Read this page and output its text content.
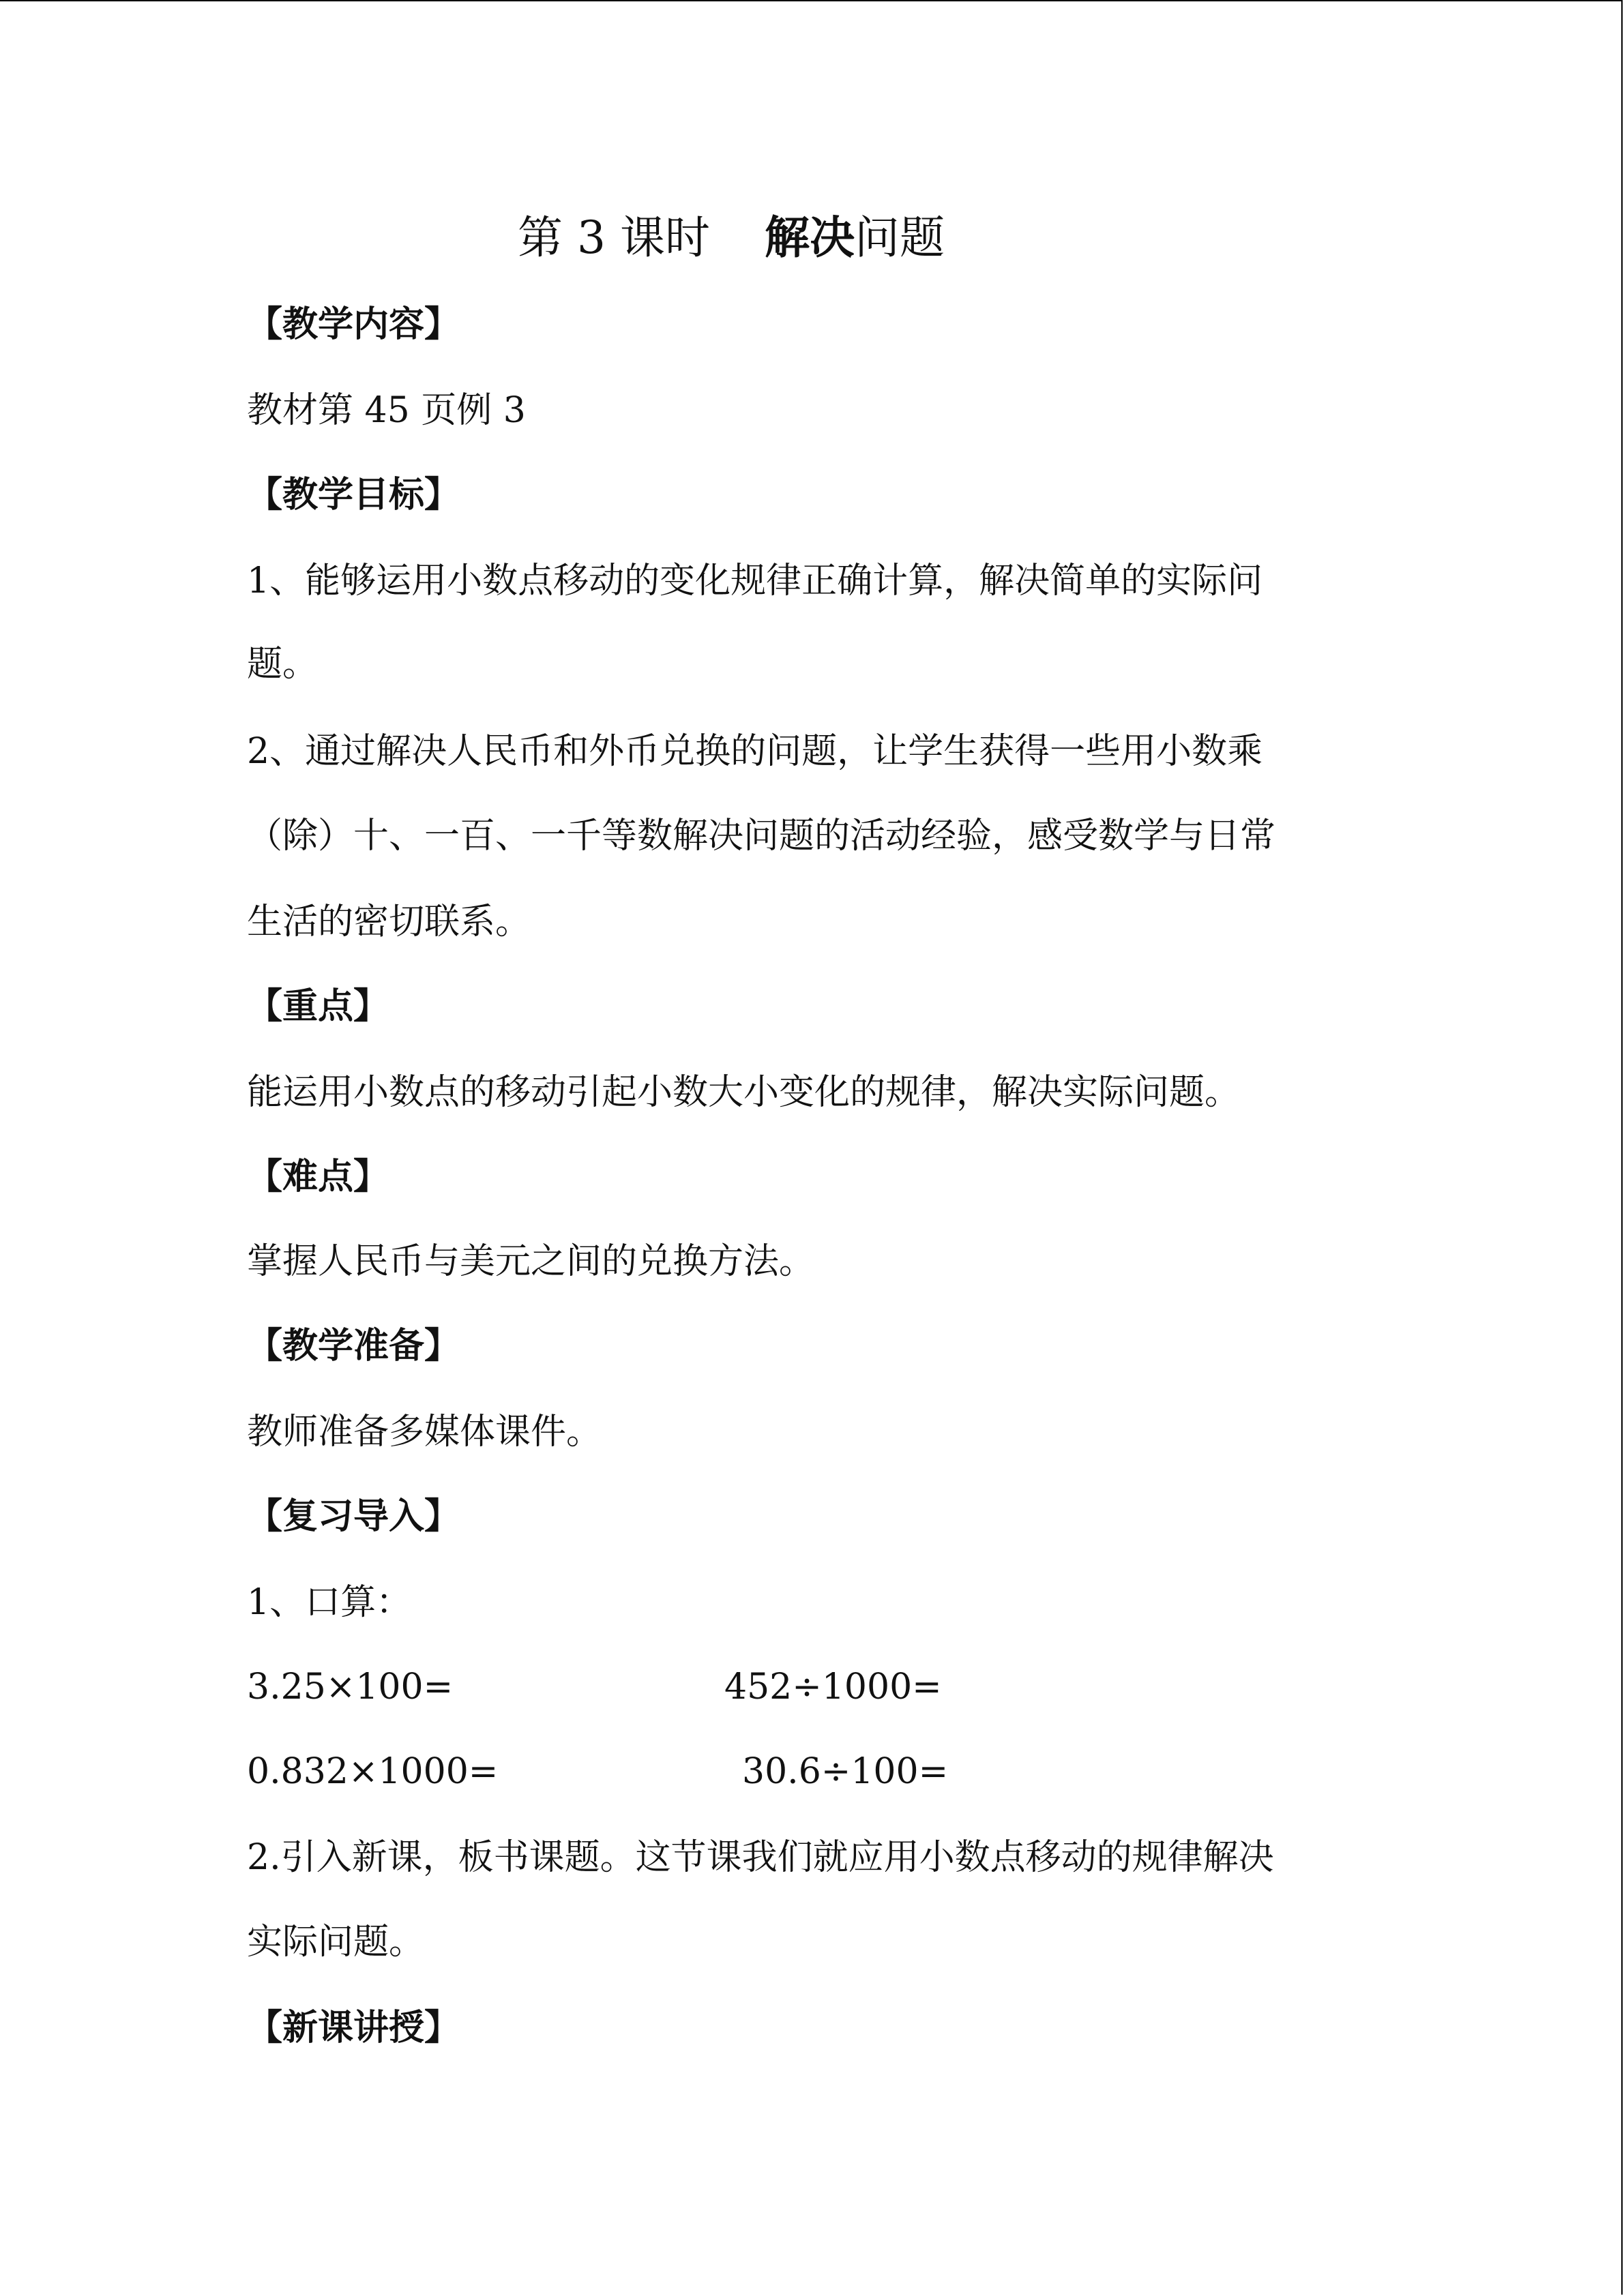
第 3 课时 解决问题
【教学内容】
教材第 45 页例 3
【教学目标】
1、能够运用小数点移动的变化规律正确计算，解决简单的实际问
题。
2、通过解决人民币和外币兑换的问题，让学生获得一些用小数乘
（除）十、一百、一千等数解决问题的活动经验，感受数学与日常
生活的密切联系。
【重点】
能运用小数点的移动引起小数大小变化的规律，解决实际问题。
【难点】
掌握人民币与美元之间的兑换方法。
【教学准备】
教师准备多媒体课件。
【复习导入】
1、口算：
3.25×100=	452÷1000=
0.832×1000=	30.6÷100=
2.引入新课，板书课题。这节课我们就应用小数点移动的规律解决
实际问题。
【新课讲授】
